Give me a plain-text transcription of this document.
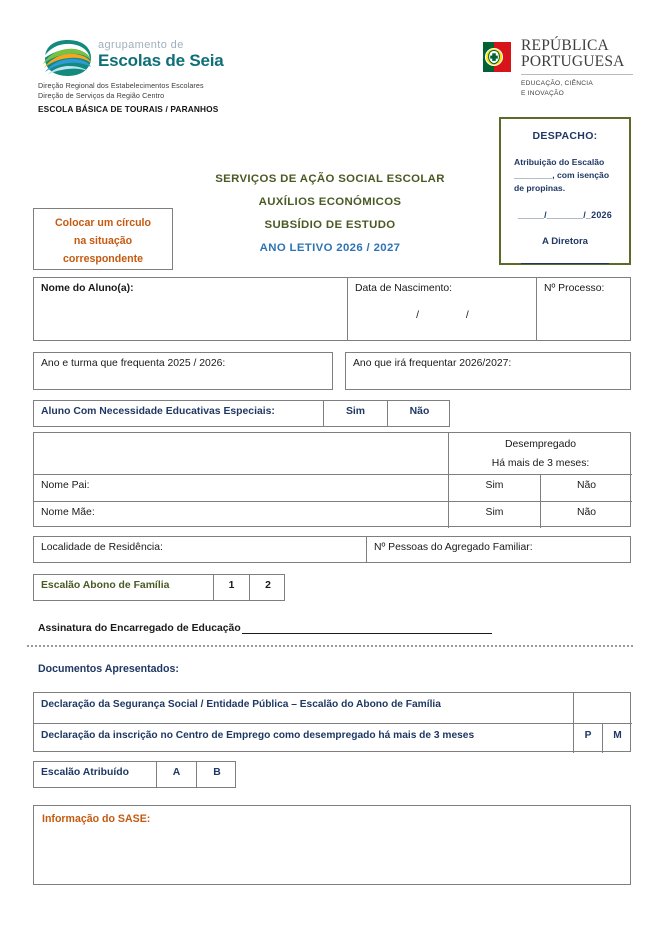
agrupamento de
Escolas de Seia
Direção Regional dos Estabelecimentos Escolares
Direção de Serviços da Região Centro
ESCOLA BÁSICA DE TOURAIS / PARANHOS
REPÚBLICA
PORTUGUESA
EDUCAÇÃO, CIÊNCIA
E INOVAÇÃO
DESPACHO:
Atribuição do Escalão
________, com isenção
de propinas.
_____/_______/_2026
A Diretora
SERVIÇOS DE AÇÃO SOCIAL ESCOLAR
AUXÍLIOS ECONÓMICOS
SUBSÍDIO DE ESTUDO
ANO LETIVO 2026 / 2027
Colocar um círculo
na situação
correspondente
Nome do Aluno(a):	Data de Nascimento:
/ /
Nº Processo:
Ano e turma que frequenta 2025 / 2026:	Ano que irá frequentar 2026/2027:
Aluno Com Necessidade Educativas Especiais:	Sim	Não
Desempregado
Há mais de 3 meses:
Nome Pai:	Sim	Não
Nome Mãe:	Sim	Não
Localidade de Residência:	Nº Pessoas do Agregado Familiar:
Escalão Abono de Família	1	2
Assinatura do Encarregado de Educação
Documentos Apresentados:
Declaração da Segurança Social / Entidade Pública – Escalão do Abono de Família
Declaração da inscrição no Centro de Emprego como desempregado há mais de 3 meses	P	M
Escalão Atribuído	A	B
Informação do SASE:
